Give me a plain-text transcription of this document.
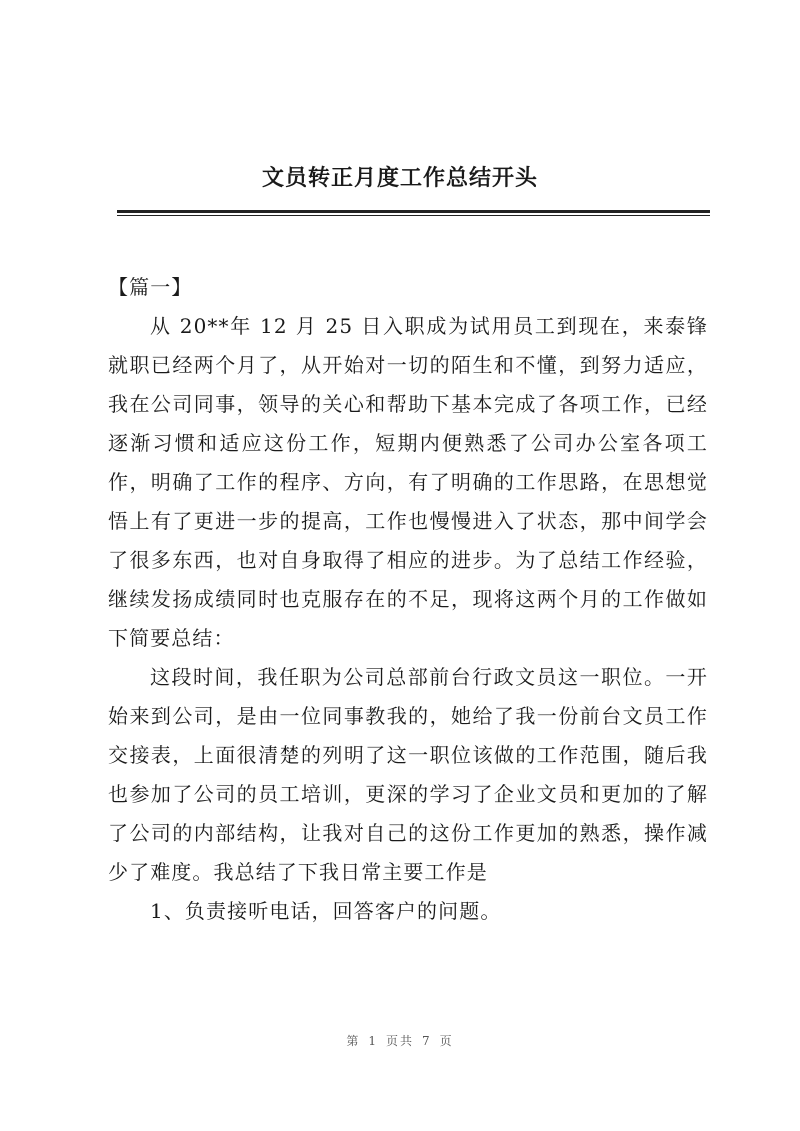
文员转正月度工作总结开头

【篇一】

从 20**年 12 月 25 日入职成为试用员工到现在，来泰锋就职已经两个月了，从开始对一切的陌生和不懂，到努力适应，我在公司同事，领导的关心和帮助下基本完成了各项工作，已经逐渐习惯和适应这份工作，短期内便熟悉了公司办公室各项工作，明确了工作的程序、方向，有了明确的工作思路，在思想觉悟上有了更进一步的提高，工作也慢慢进入了状态，那中间学会了很多东西，也对自身取得了相应的进步。为了总结工作经验，继续发扬成绩同时也克服存在的不足，现将这两个月的工作做如下简要总结：

这段时间，我任职为公司总部前台行政文员这一职位。一开始来到公司，是由一位同事教我的，她给了我一份前台文员工作交接表，上面很清楚的列明了这一职位该做的工作范围，随后我也参加了公司的员工培训，更深的学习了企业文员和更加的了解了公司的内部结构，让我对自己的这份工作更加的熟悉，操作减少了难度。我总结了下我日常主要工作是

1、负责接听电话，回答客户的问题。

第 1 页共 7 页
